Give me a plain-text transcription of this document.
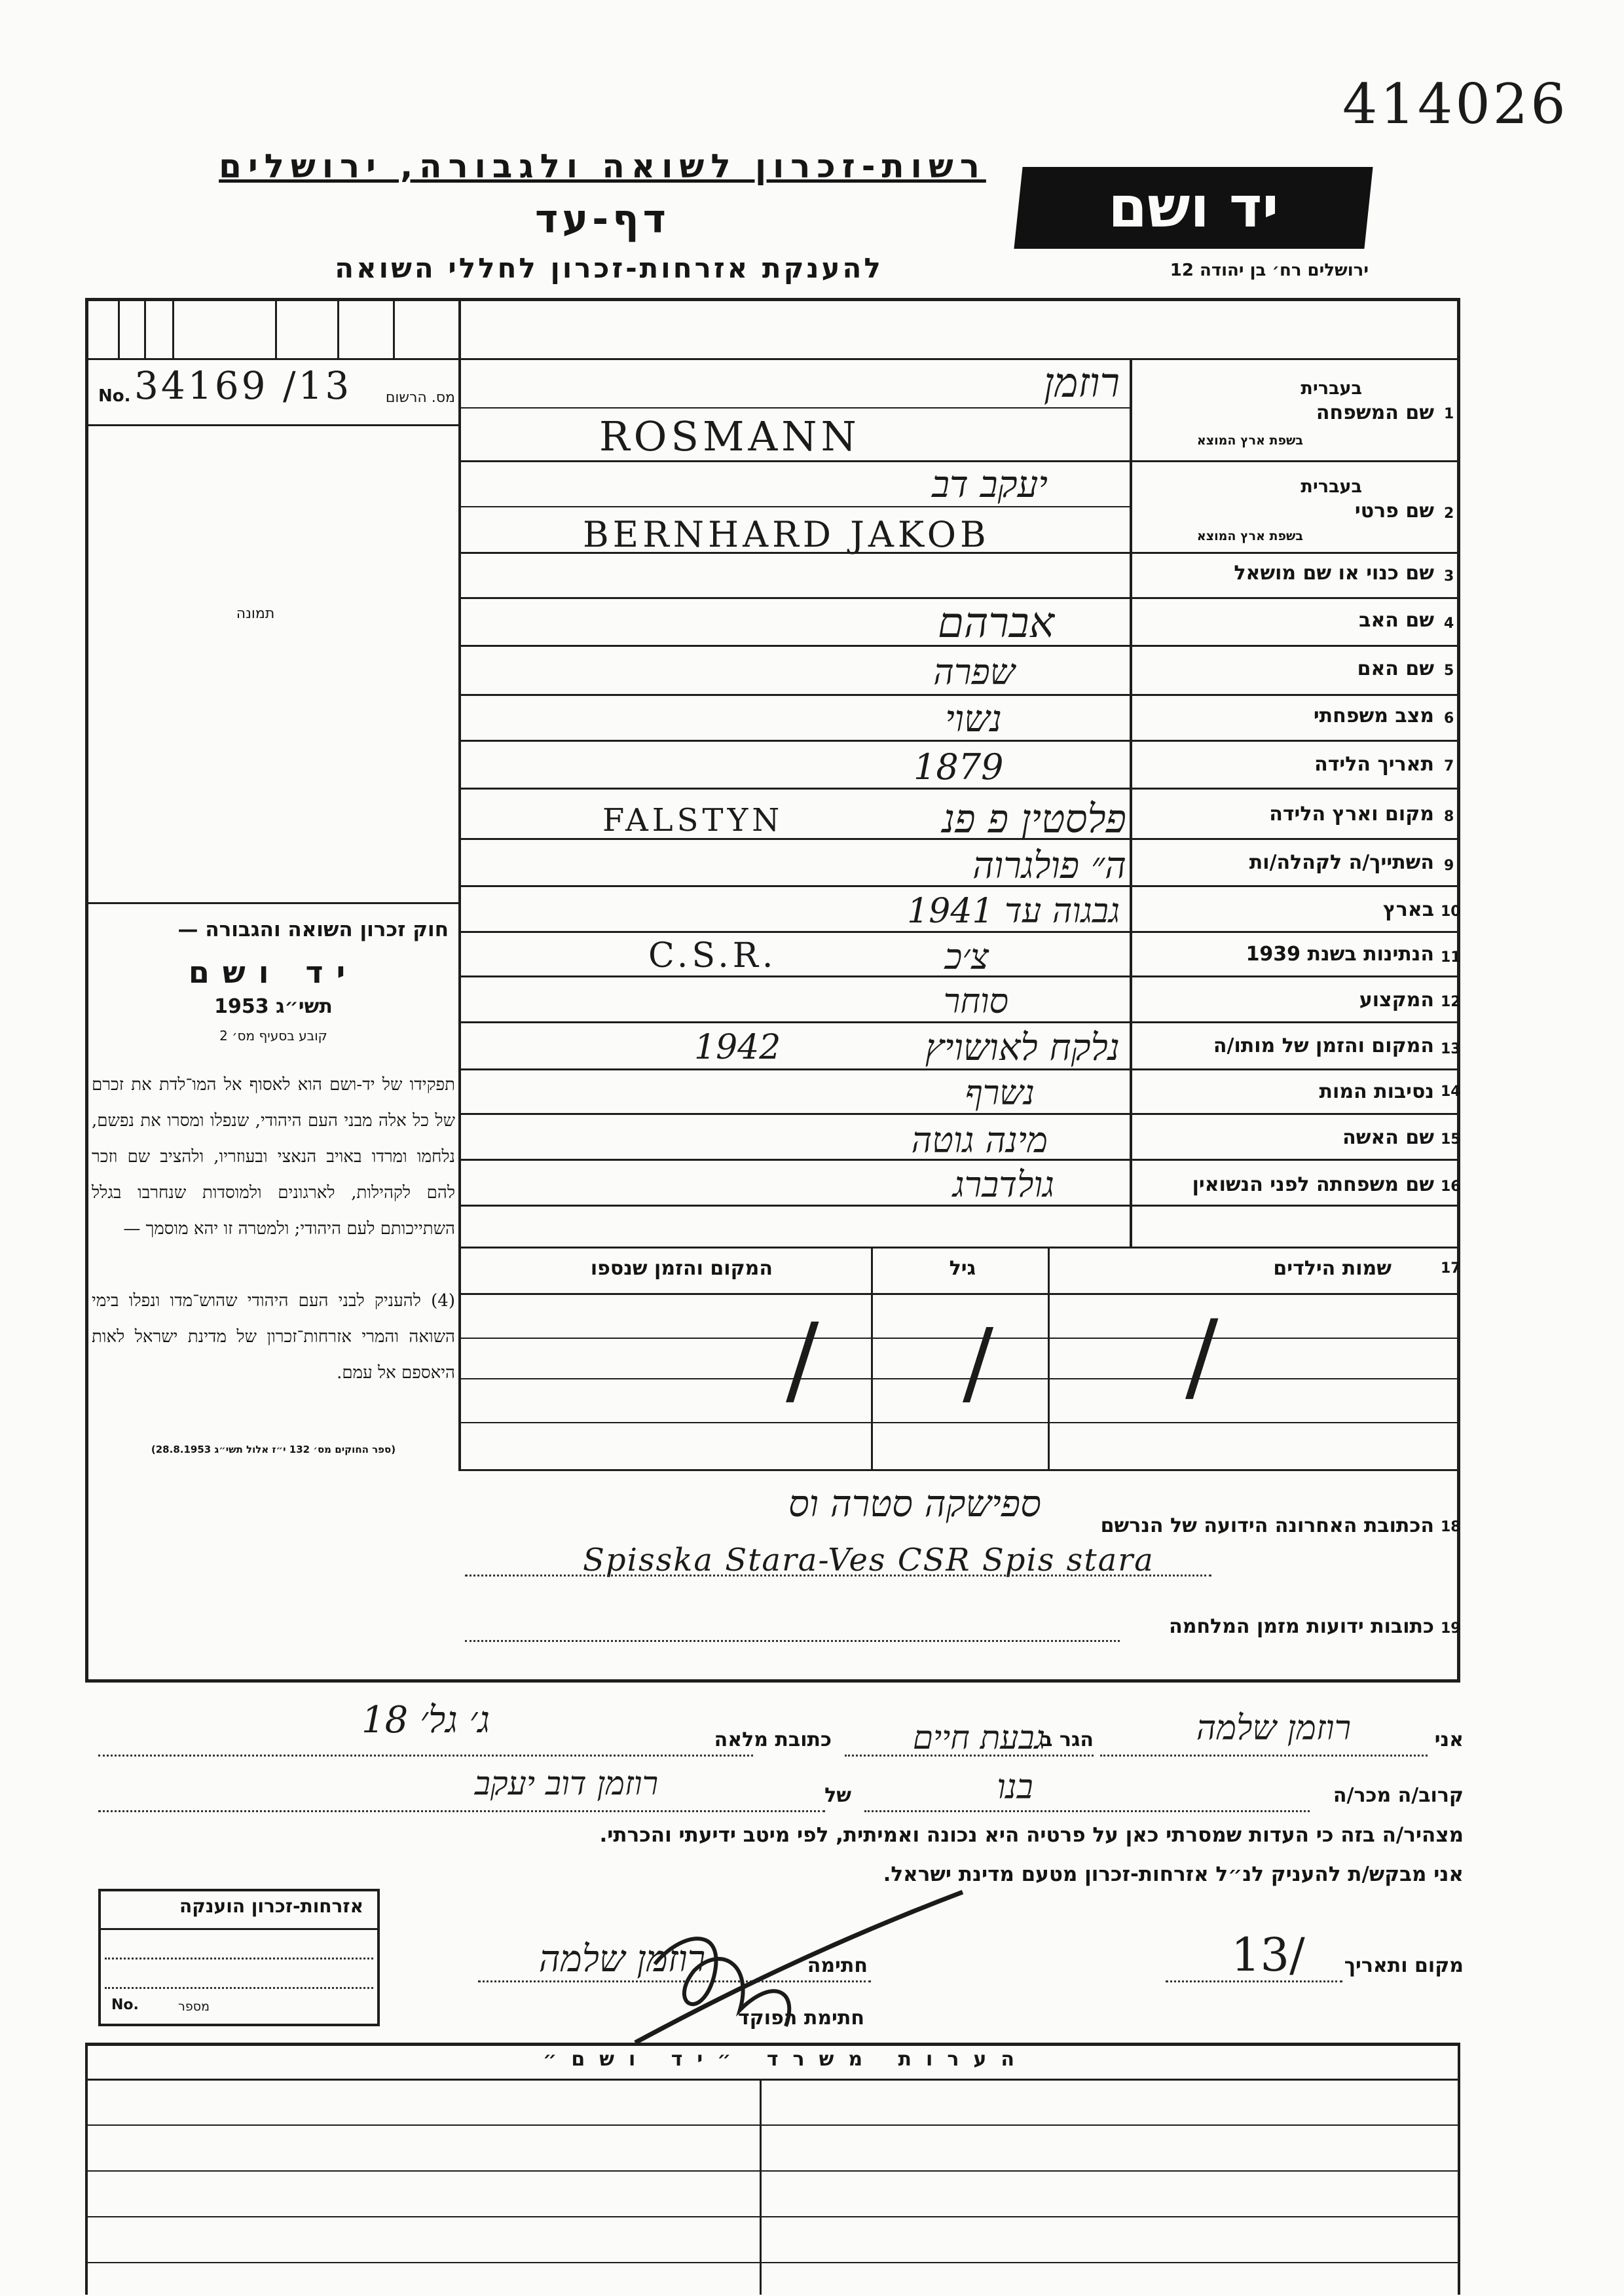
414026
רשות-זכרון לשואה ולגבורה, ירושלים
דף-עד
להענקת אזרחות-זכרון לחללי השואה
יד ושם
ירושלים רח׳ בן יהודה 12
No. 34169 /13	מס. הרשום
תמונה
חוק זכרון השואה והגבורה —
יד ושם
תשי״ג 1953
קובע בסעיף מס׳ 2
תפקידו של יד-ושם הוא לאסוף אל המו־לדת את זכרם של כל אלה מבני העם היהודי, שנפלו ומסרו את נפשם, נלחמו ומרדו באויב הנאצי ובעוזריו, ולהציב שם וזכר להם לקהילות, לארגונים ולמוסדות שנחרבו בגלל השתייכותם לעם היהודי; ולמטרה זו יהא מוסמך —
(4) להעניק לבני העם היהודי שהוש־מדו ונפלו בימי השואה והמרי אזרחות־זכרון של מדינת ישראל לאות היאספם אל עמם.
(ספר החוקים מס׳ 132 י״ז אלול תשי״ג 28.8.1953)
1
שם המשפחה
בעברית
בשפת ארץ המוצא
רוזמן
ROSMANN
2
שם פרטי
בעברית
בשפת ארץ המוצא
יעקב דב
BERNHARD JAKOB
3
שם כנוי או שם מושאל
4
שם האב
אברהם
5
שם האם
שפרה
6
מצב משפחתי
נשוי
7
תאריך הלידה
1879
8
מקום וארץ הלידה
FALSTYN	פלסטין פ פנ
9
השתייך/ה לקהלה/ות
ה״ פולגרוה
10
בארץ
גבגוה עד 1941
11
הנתינות בשנת 1939
C.S.R.	צ׳כ
12
המקצוע
סוחר
13
המקום והזמן של מותו/ה
1942	נלקח לאושויץ
14
נסיבות המות
נשרף
15
שם האשה
מינה גוטה
16
שם משפחתה לפני הנשואין
גולדברג
17
שמות הילדים
גיל
המקום והזמן שנספו
/
/
/
18
הכתובת האחרונה הידועה של הנרשם
ספישקה סטרה וס
Spisska Stara-Ves CSR Spis stara
19
כתובות ידועות מזמן המלחמה
אני
רוזמן שלמה
הגר ב
גבעת חיים
כתובת מלאה
ג׳ גל׳ 18
קרוב/ה מכר/ה
בנו
של
רוזמן דוב יעקב
מצהיר/ה בזה כי העדות שמסרתי כאן על פרטיה היא נכונה ואמיתית, לפי מיטב ידיעתי והכרתי.
אני מבקש/ת להעניק לנ״ל אזרחות-זכרון מטעם מדינת ישראל.
מקום ותאריך
13/
חתימה
רוזמן שלמה
חתימת הפוקד
אזרחות-זכרון הוענקה
No.	מספר
הערות משרד ״יד ושם״
